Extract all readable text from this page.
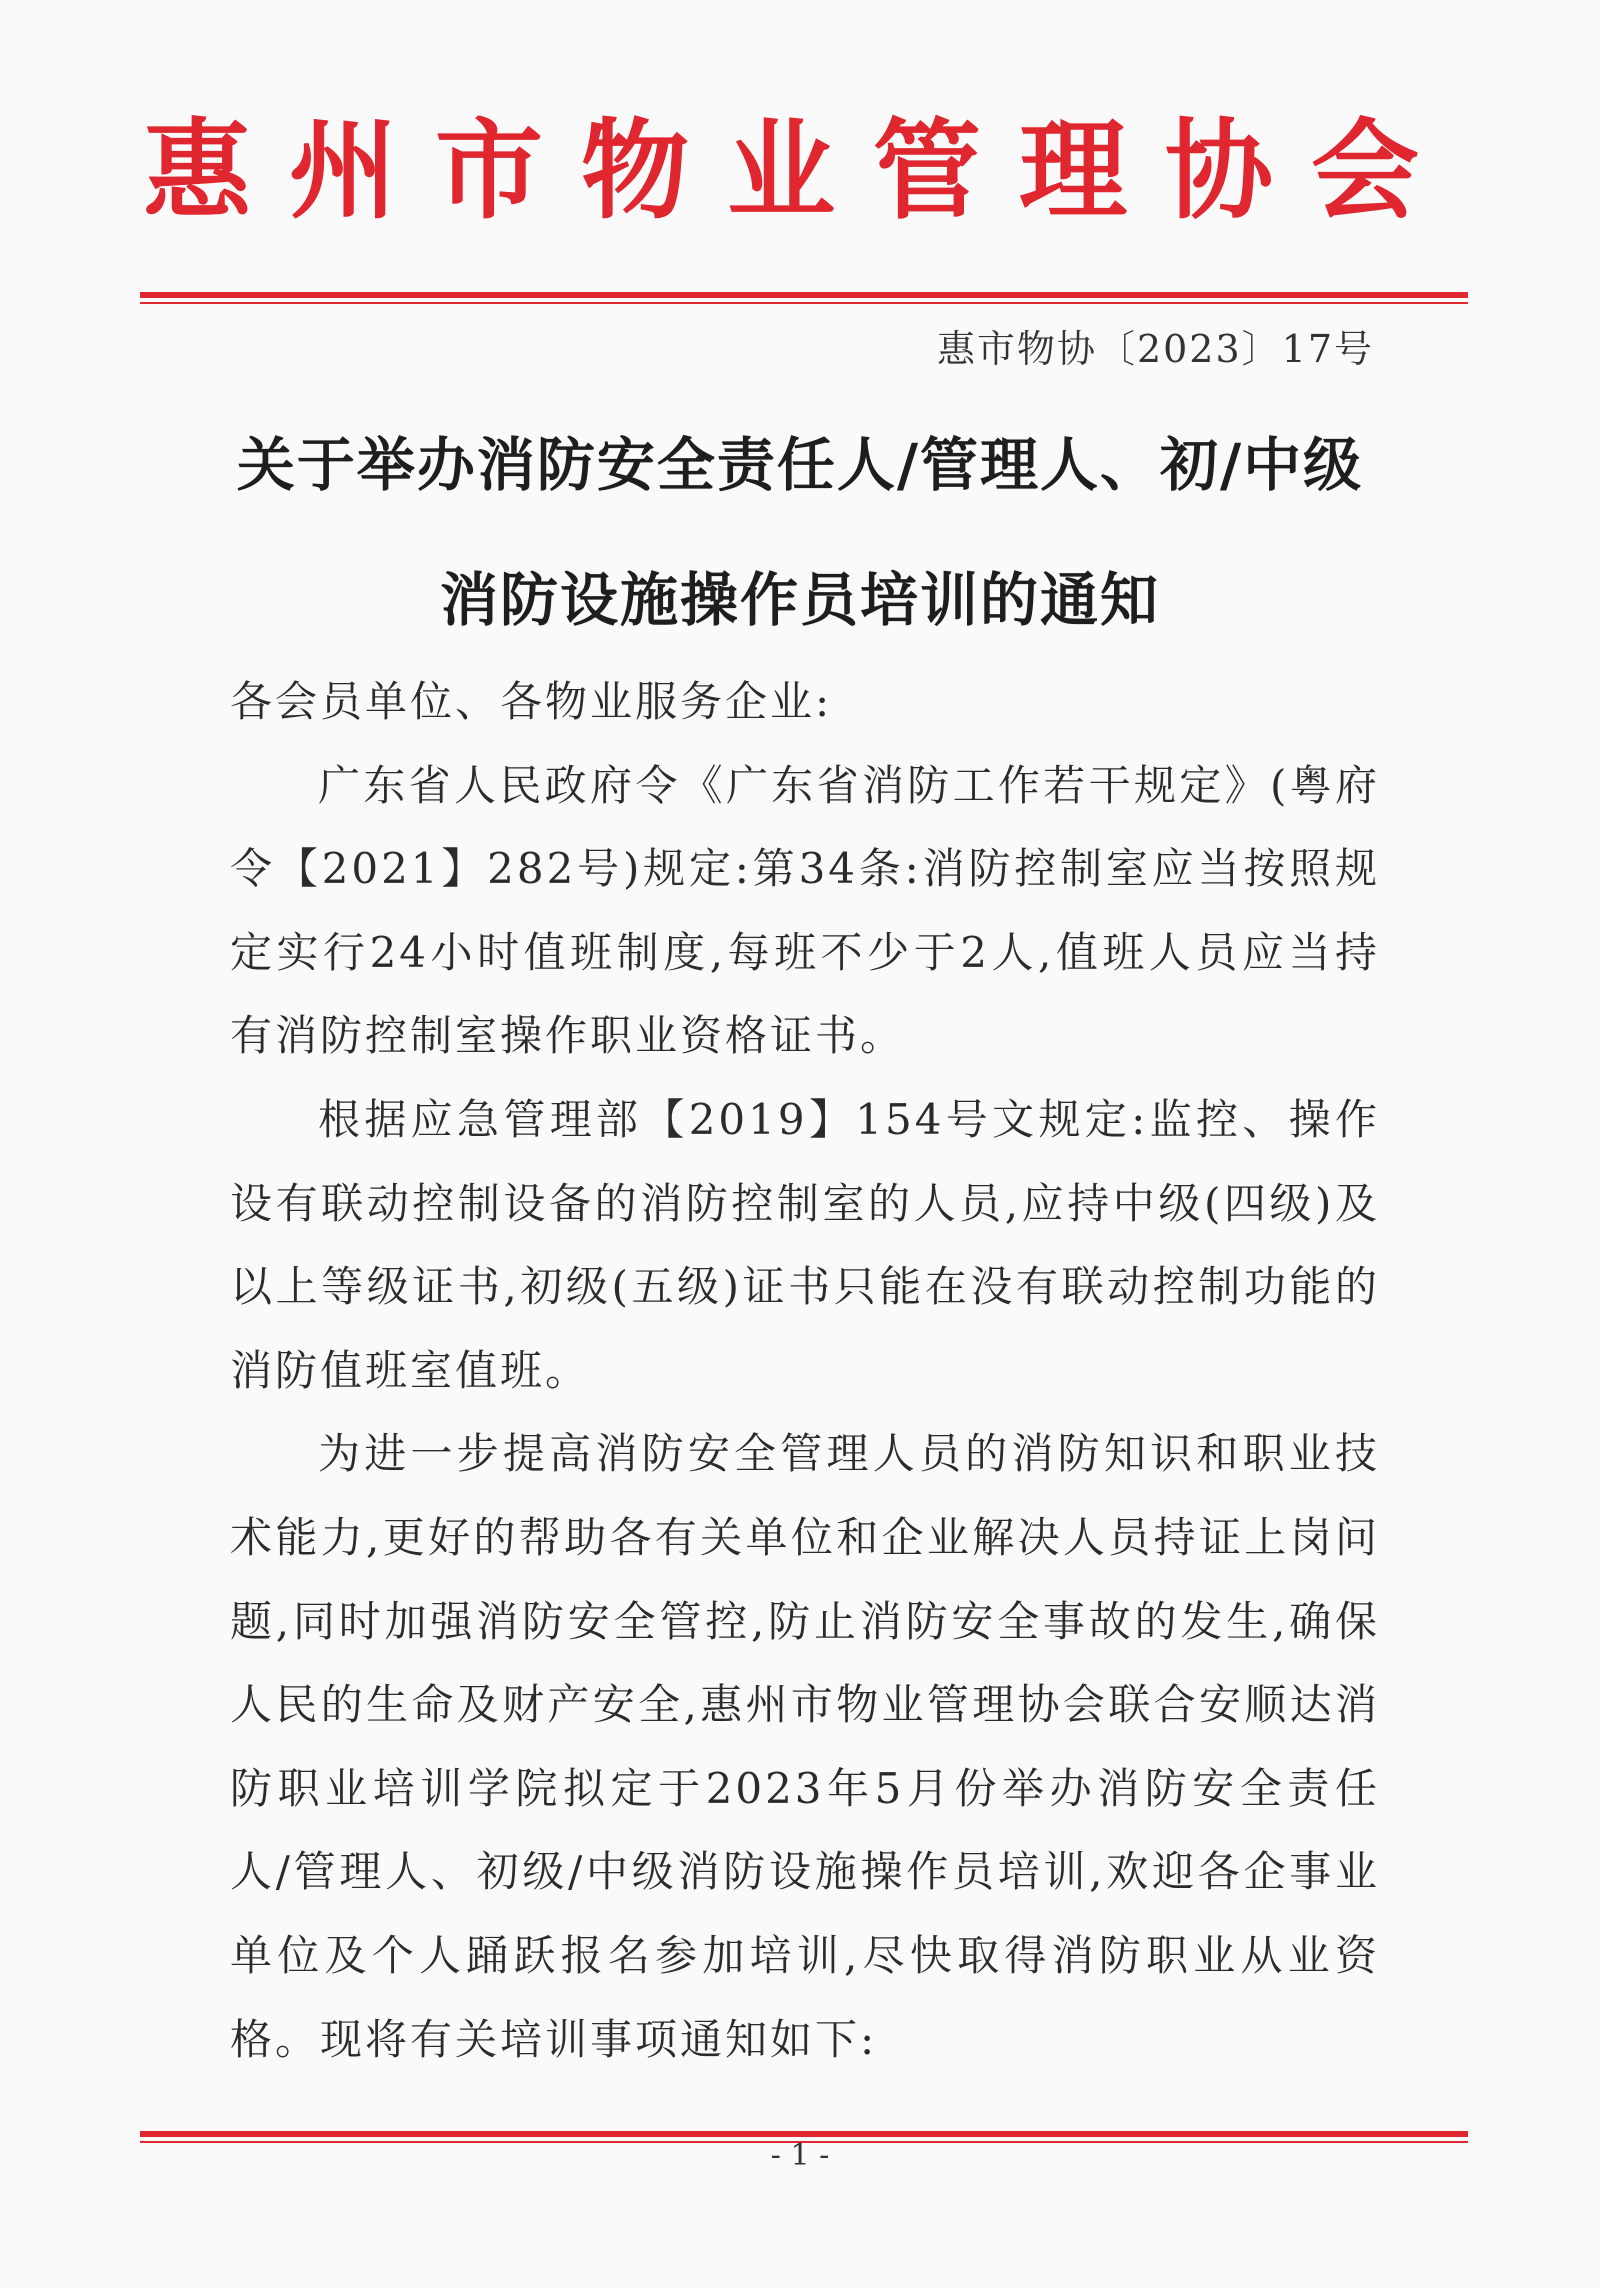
惠州市物业管理协会
惠市物协〔2023〕17号
关于举办消防安全责任人/管理人、初/中级
消防设施操作员培训的通知

各会员单位、各物业服务企业:

广东省人民政府令《广东省消防工作若干规定》(粤府令【2021】282号)规定:第34条:消防控制室应当按照规定实行24小时值班制度,每班不少于2人,值班人员应当持有消防控制室操作职业资格证书。

根据应急管理部【2019】154号文规定:监控、操作设有联动控制设备的消防控制室的人员,应持中级(四级)及以上等级证书,初级(五级)证书只能在没有联动控制功能的消防值班室值班。

为进一步提高消防安全管理人员的消防知识和职业技术能力,更好的帮助各有关单位和企业解决人员持证上岗问题,同时加强消防安全管控,防止消防安全事故的发生,确保人民的生命及财产安全,惠州市物业管理协会联合安顺达消防职业培训学院拟定于2023年5月份举办消防安全责任人/管理人、初级/中级消防设施操作员培训,欢迎各企事业单位及个人踊跃报名参加培训,尽快取得消防职业从业资格。现将有关培训事项通知如下:

- 1 -
